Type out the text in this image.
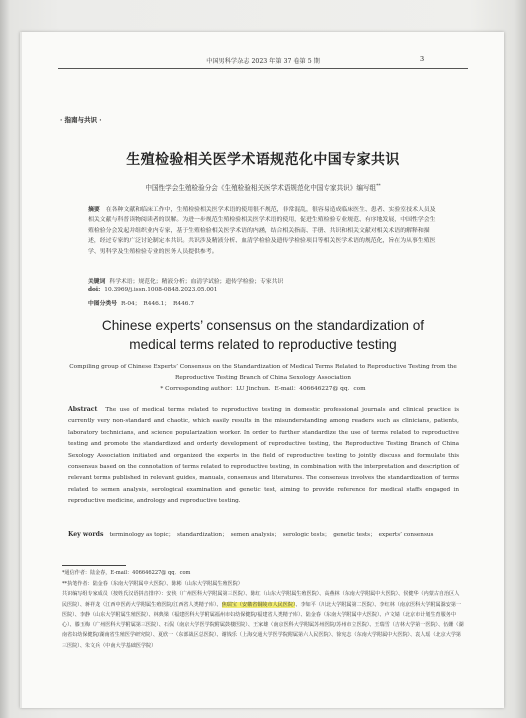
中国男科学杂志 2023 年第 37 卷第 5 期	3
· 指南与共识 ·
生殖检验相关医学术语规范化中国专家共识
中国性学会生殖检验分会《生殖检验相关医学术语规范化中国专家共识》编写组**
摘要 在各种文献和临床工作中，生殖检验相关医学术语的使用很不规范，非常混乱，很容易造成临床医生、患者、实验室技术人员及相关文献与科普读物阅读者的误解。为进一步规范生殖检验相关医学术语的使用，促进生殖检验专业规范、有序地发展，中国性学会生殖检验分会发起并组织业内专家，基于生殖检验相关医学术语的内涵，结合相关指南、手册、共识和相关文献对相关术语的解释和描述，经过专家的广泛讨论制定本共识。共识涉及精液分析、血清学检验及遗传学检验项目等相关医学术语的规范化，旨在为从事生殖医学、男科学及生殖检验专业的医务人员提供参考。
关键词 科学术语；规范化；精液分析；血清学试验；遗传学检验；专家共识
doi: 10.3969/j.issn.1008-0848.2023.05.001
中图分类号 R-04；　R446.1；　R446.7
Chinese experts’ consensus on the standardization of
medical terms related to reproductive testing
Compiling group of Chinese Experts’ Consensus on the Standardization of Medical Terms Related to Reproductive Testing from the Reproductive Testing Branch of China Sexology Association
* Corresponding author：LU Jinchun．E-mail：406646227@ qq．com
Abstract The use of medical terms related to reproductive testing in domestic professional journals and clinical practice is currently very non-standard and chaotic, which easily results in the misunderstanding among readers such as clinicians, patients, laboratory technicians, and science popularization worker. In order to further standardize the use of terms related to reproductive testing and promote the standardized and orderly development of reproductive testing, the Reproductive Testing Branch of China Sexology Association initiated and organized the experts in the field of reproductive testing to jointly discuss and formulate this consensus based on the connotation of terms related to reproductive testing, in combination with the interpretation and description of relevant terms published in relevant guides, manuals, consensus and literatures. The consensus involves the standardization of terms related to semen analysis, serological examination and genetic test, aiming to provide reference for medical staffs engaged in reproductive medicine, andrology and reproductive testing.
Key words terminology as topic；　standardization；　semen analysis；　serologic tests；　genetic tests；　experts’ consensus
*通信作者：陆金春，E-mail：406646227@ qq．com
**执笔作者：陆金春（东南大学附属中大医院）、陈彬（山东大学附属生殖医院）
共识编写组专家成员（按姓氏汉语拼音排序）：安侠（广州医科大学附属第三医院）、陈红（山东大学附属生殖医院）、高燕林（东南大学附属中大医院）、侯健华（内蒙古自治区人民医院）、蒋祥龙（江西中医药大学附属生殖医院/江西省人类精子库）、焦瑞宝（安徽省铜陵市人民医院）、李如平（川北大学附属第二医院）、李红林（南京医科大学附属滁安第一医院）、李静（山东大学附属生殖医院）、林典梁（福建医科大学附属福州市妇幼保健院/福建省人类精子库）、陆金春（东南大学附属中大医院）、卢文婧（北京市计划生育服务中心）、滕玉梅（广州医科大学附属第三医院）、石侃（南京大学医学院附属鼓楼医院）、王家雄（南京医科大学附属苏州医院/苏州市立医院）、王瑞雪（吉林大学第一医院）、伍姗（湖南省妇幼保健院/湖南省生殖医学研究院）、夏欣一（东部战区总医院）、谢钱乐（上海交通大学医学院附属第六人民医院）、徐宪志（东南大学附属中大医院）、袁人瑶（北京大学第三医院）、朱文兵（中南大学基础医学院）
